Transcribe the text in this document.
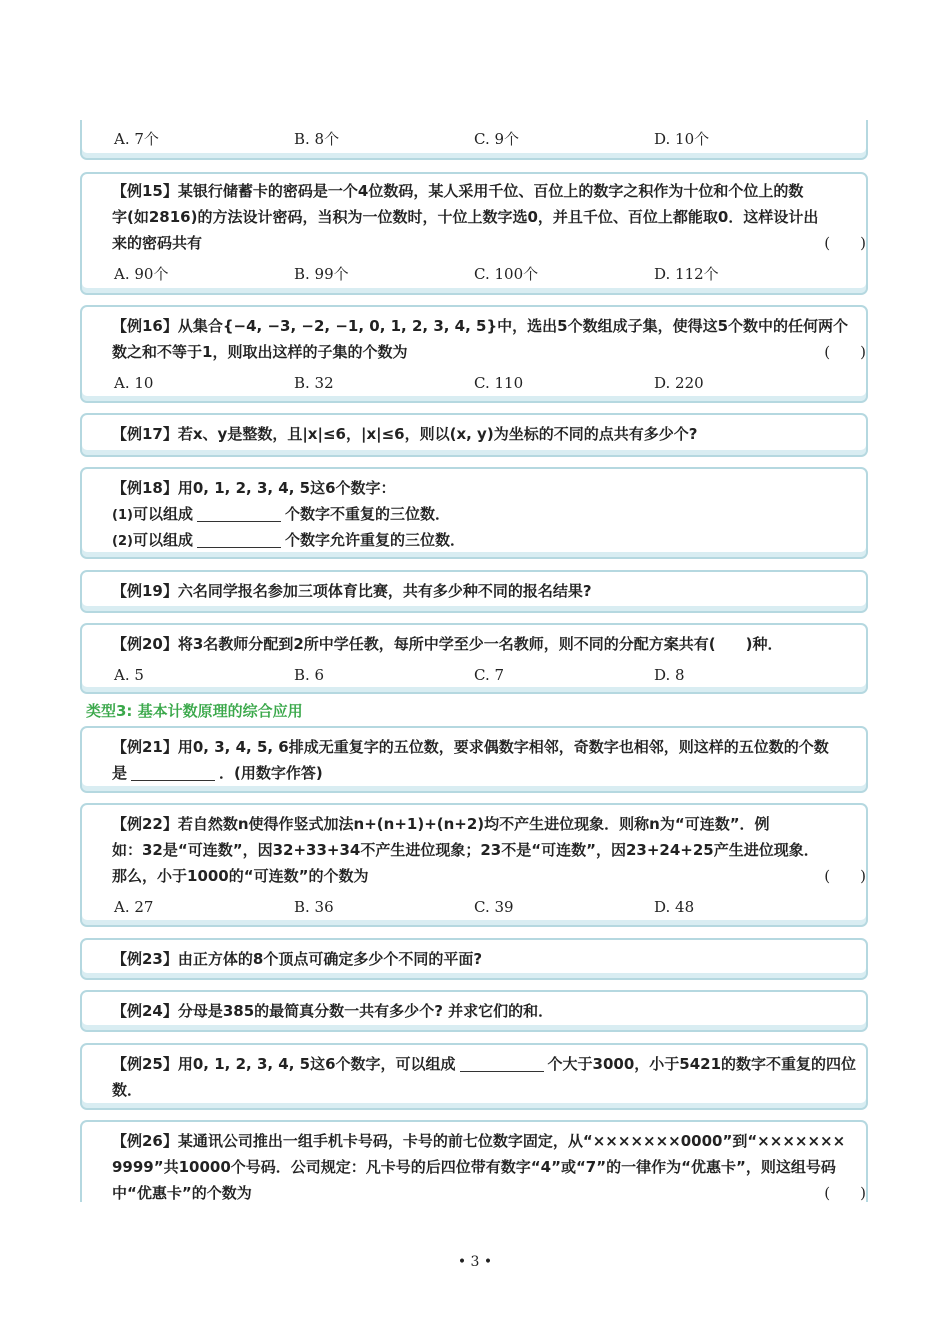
A. 7个	B. 8个	C. 9个	D. 10个
【例15】某银行储蓄卡的密码是一个4位数码，某人采用千位、百位上的数字之积作为十位和个位上的数
字(如2816)的方法设计密码，当积为一位数时，十位上数字选0，并且千位、百位上都能取0．这样设计出
来的密码共有	(　　)
A. 90个	B. 99个	C. 100个	D. 112个
【例16】从集合{−4, −3, −2, −1, 0, 1, 2, 3, 4, 5}中，选出5个数组成子集，使得这5个数中的任何两个
数之和不等于1，则取出这样的子集的个数为	(　　)
A. 10	B. 32	C. 110	D. 220
【例17】若x、y是整数，且|x|≤6，|x|≤6，则以(x, y)为坐标的不同的点共有多少个?
【例18】用0, 1, 2, 3, 4, 5这6个数字：
(1)可以组成	个数字不重复的三位数．
(2)可以组成	个数字允许重复的三位数．
【例19】六名同学报名参加三项体育比赛，共有多少种不同的报名结果?
【例20】将3名教师分配到2所中学任教，每所中学至少一名教师，则不同的分配方案共有(　　)种．
A. 5	B. 6	C. 7	D. 8
类型3: 基本计数原理的综合应用
【例21】用0, 3, 4, 5, 6排成无重复字的五位数，要求偶数字相邻，奇数字也相邻，则这样的五位数的个数
是	．(用数字作答)
【例22】若自然数n使得作竖式加法n+(n+1)+(n+2)均不产生进位现象．则称n为“可连数”．例
如：32是“可连数”，因32+33+34不产生进位现象；23不是“可连数”，因23+24+25产生进位现象．
那么，小于1000的“可连数”的个数为	(　　)
A. 27	B. 36	C. 39	D. 48
【例23】由正方体的8个顶点可确定多少个不同的平面?
【例24】分母是385的最简真分数一共有多少个? 并求它们的和．
【例25】用0, 1, 2, 3, 4, 5这6个数字，可以组成	个大于3000，小于5421的数字不重复的四位
数．
【例26】某通讯公司推出一组手机卡号码，卡号的前七位数字固定，从“×××××××0000”到“×××××××
9999”共10000个号码．公司规定：凡卡号的后四位带有数字“4”或“7”的一律作为“优惠卡”，则这组号码
中“优惠卡”的个数为	(　　)
• 3 •
